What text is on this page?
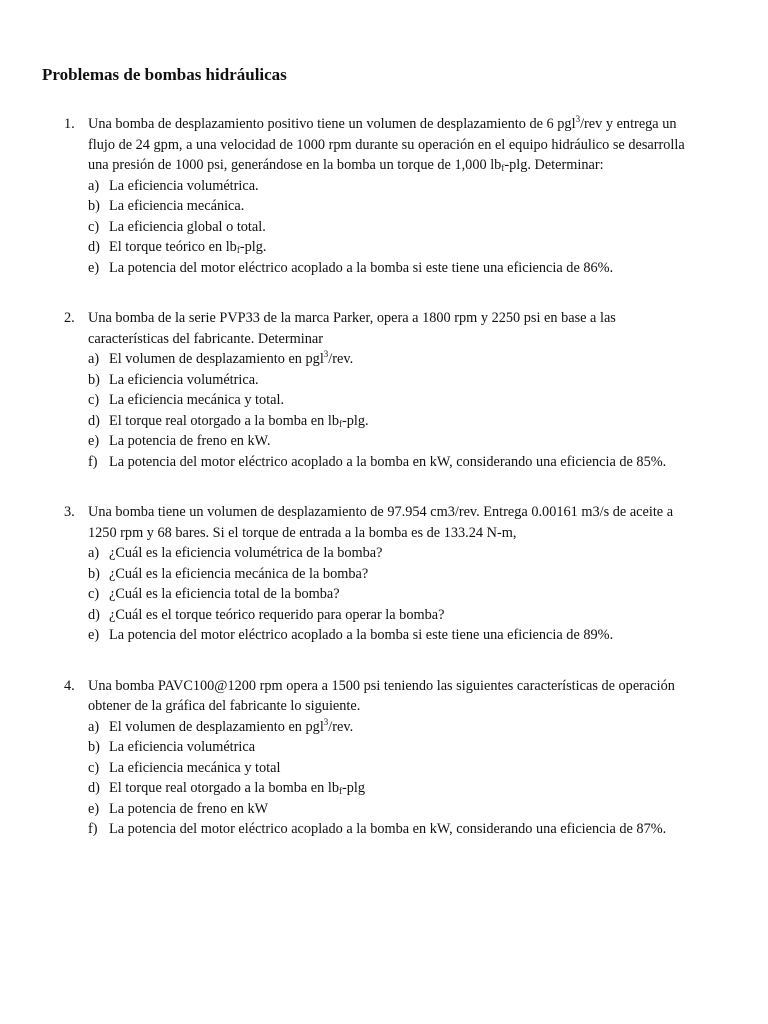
Problemas de bombas hidráulicas
1. Una bomba de desplazamiento positivo tiene un volumen de desplazamiento de 6 pgl$^3$/rev y entrega un
flujo de 24 gpm, a una velocidad de 1000 rpm durante su operación en el equipo hidráulico se desarrolla
una presión de 1000 psi, generándose en la bomba un torque de 1,000 $lb_f$-plg. Determinar:
a) La eficiencia volumétrica.
b) La eficiencia mecánica.
c) La eficiencia global o total.
d) El torque teórico en $lb_f$-plg.
e) La potencia del motor eléctrico acoplado a la bomba si este tiene una eficiencia de 86%.
2. Una bomba de la serie PVP33 de la marca Parker, opera a 1800 rpm y 2250 psi en base a las
características del fabricante. Determinar
a) El volumen de desplazamiento en pgl$^3$/rev.
b) La eficiencia volumétrica.
c) La eficiencia mecánica y total.
d) El torque real otorgado a la bomba en $lb_f$-plg.
e) La potencia de freno en kW.
f) La potencia del motor eléctrico acoplado a la bomba en kW, considerando una eficiencia de 85%.
3. Una bomba tiene un volumen de desplazamiento de 97.954 cm3/rev. Entrega 0.00161 m3/s de aceite a
1250 rpm y 68 bares. Si el torque de entrada a la bomba es de 133.24 N-m,
a) ¿Cuál es la eficiencia volumétrica de la bomba?
b) ¿Cuál es la eficiencia mecánica de la bomba?
c) ¿Cuál es la eficiencia total de la bomba?
d) ¿Cuál es el torque teórico requerido para operar la bomba?
e) La potencia del motor eléctrico acoplado a la bomba si este tiene una eficiencia de 89%.
4. Una bomba PAVC100@1200 rpm opera a 1500 psi teniendo las siguientes características de operación
obtener de la gráfica del fabricante lo siguiente.
a) El volumen de desplazamiento en pgl$^3$/rev.
b) La eficiencia volumétrica
c) La eficiencia mecánica y total
d) El torque real otorgado a la bomba en $lb_f$-plg
e) La potencia de freno en kW
f) La potencia del motor eléctrico acoplado a la bomba en kW, considerando una eficiencia de 87%.
